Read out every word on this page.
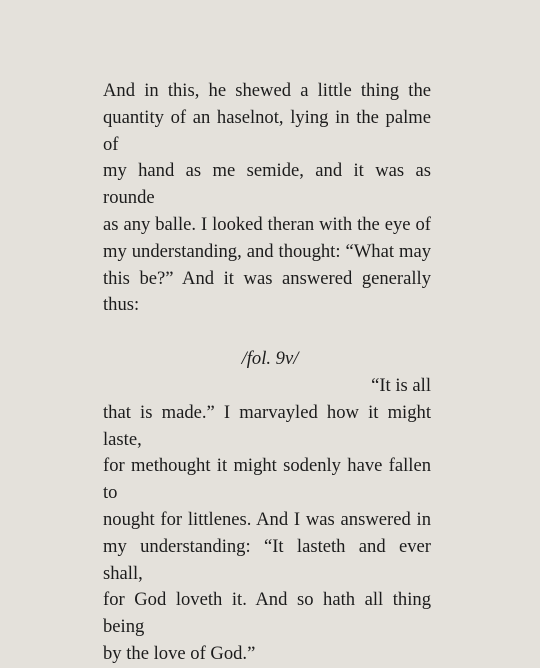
And in this, he shewed a little thing the
quantity of an haselnot, lying in the palme of
my hand as me semide, and it was as rounde
as any balle. I looked theran with the eye of
my understanding, and thought: “What may
this be?” And it was answered generally thus:
/fol. 9v/
“It is all
that is made.” I marvayled how it might laste,
for methought it might sodenly have fallen to
nought for littlenes. And I was answered in
my understanding: “It lasteth and ever shall,
for God loveth it. And so hath all thing being
by the love of God.”
